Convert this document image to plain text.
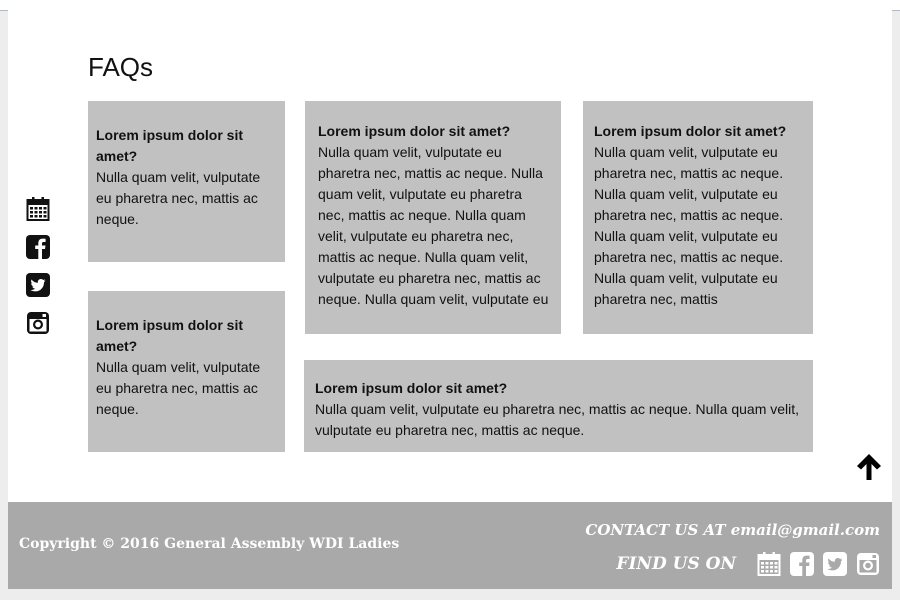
FAQs
Lorem ipsum dolor sit amet?
Nulla quam velit, vulputate eu pharetra nec, mattis ac neque.
Lorem ipsum dolor sit amet?
Nulla quam velit, vulputate eu pharetra nec, mattis ac neque. Nulla quam velit, vulputate eu pharetra nec, mattis ac neque. Nulla quam velit, vulputate eu pharetra nec, mattis ac neque. Nulla quam velit, vulputate eu pharetra nec, mattis ac neque. Nulla quam velit, vulputate eu
Lorem ipsum dolor sit amet?
Nulla quam velit, vulputate eu pharetra nec, mattis ac neque. Nulla quam velit, vulputate eu pharetra nec, mattis ac neque. Nulla quam velit, vulputate eu pharetra nec, mattis ac neque. Nulla quam velit, vulputate eu pharetra nec, mattis
Lorem ipsum dolor sit amet?
Nulla quam velit, vulputate eu pharetra nec, mattis ac neque.
Lorem ipsum dolor sit amet?
Nulla quam velit, vulputate eu pharetra nec, mattis ac neque. Nulla quam velit, vulputate eu pharetra nec, mattis ac neque.
Copyright © 2016 General Assembly WDI Ladies
CONTACT US AT email@gmail.com
FIND US ON
